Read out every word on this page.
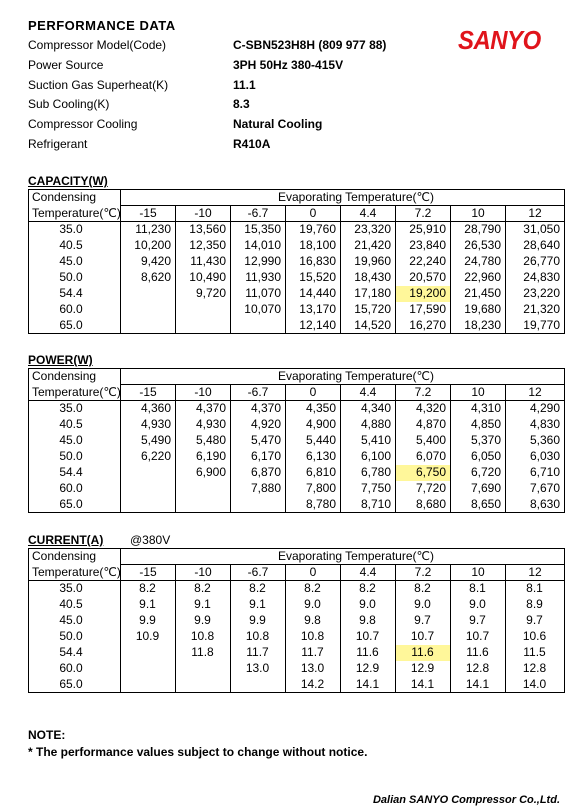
PERFORMANCE DATA	SANYO
Compressor Model(Code)	C-SBN523H8H (809 977 88)
Power Source	3PH 50Hz 380-415V
Suction Gas Superheat(K)	11.1
Sub Cooling(K)	8.3
Compressor Cooling	Natural Cooling
Refrigerant	R410A
CAPACITY(W)
Condensing	Evaporating Temperature(℃)							
Temperature(℃)	-15	-10	-6.7	0	4.4	7.2	10	12
35.0	11,230	13,560	15,350	19,760	23,320	25,910	28,790	31,050
40.5	10,200	12,350	14,010	18,100	21,420	23,840	26,530	28,640
45.0	9,420	11,430	12,990	16,830	19,960	22,240	24,780	26,770
50.0	8,620	10,490	11,930	15,520	18,430	20,570	22,960	24,830
54.4		9,720	11,070	14,440	17,180	19,200	21,450	23,220
60.0			10,070	13,170	15,720	17,590	19,680	21,320
65.0				12,140	14,520	16,270	18,230	19,770
POWER(W)
Condensing	Evaporating Temperature(℃)							
Temperature(℃)	-15	-10	-6.7	0	4.4	7.2	10	12
35.0	4,360	4,370	4,370	4,350	4,340	4,320	4,310	4,290
40.5	4,930	4,930	4,920	4,900	4,880	4,870	4,850	4,830
45.0	5,490	5,480	5,470	5,440	5,410	5,400	5,370	5,360
50.0	6,220	6,190	6,170	6,130	6,100	6,070	6,050	6,030
54.4		6,900	6,870	6,810	6,780	6,750	6,720	6,710
60.0			7,880	7,800	7,750	7,720	7,690	7,670
65.0				8,780	8,710	8,680	8,650	8,630
CURRENT(A) @380V
Condensing	Evaporating Temperature(℃)							
Temperature(℃)	-15	-10	-6.7	0	4.4	7.2	10	12
35.0	8.2	8.2	8.2	8.2	8.2	8.2	8.1	8.1
40.5	9.1	9.1	9.1	9.0	9.0	9.0	9.0	8.9
45.0	9.9	9.9	9.9	9.8	9.8	9.7	9.7	9.7
50.0	10.9	10.8	10.8	10.8	10.7	10.7	10.7	10.6
54.4		11.8	11.7	11.7	11.6	11.6	11.6	11.5
60.0			13.0	13.0	12.9	12.9	12.8	12.8
65.0				14.2	14.1	14.1	14.1	14.0
NOTE:
* The performance values subject to change without notice.
Dalian SANYO Compressor Co.,Ltd.
